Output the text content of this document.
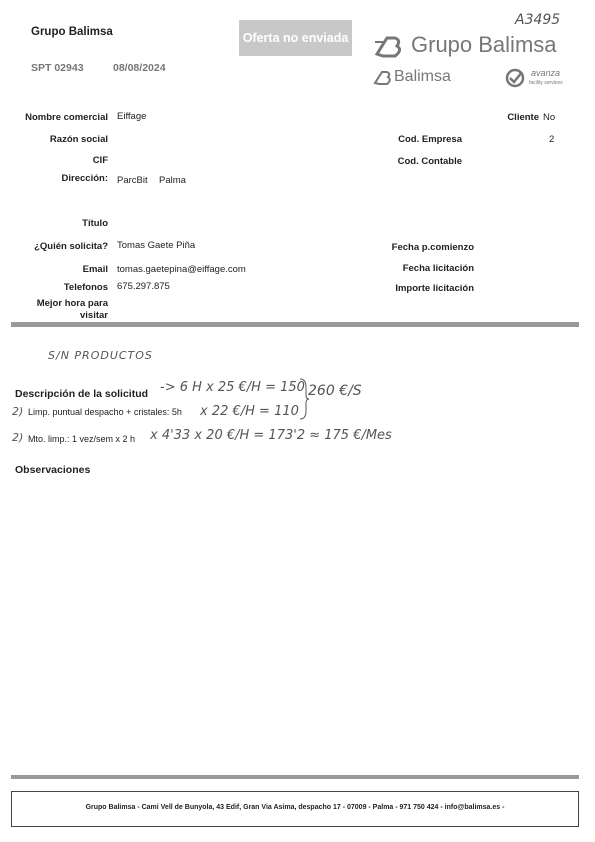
Grupo Balimsa
SPT 02943	08/08/2024
Oferta no enviada
A3495
Grupo Balimsa
Balimsa	avanza
facility services
Nombre comercial Eiffage
Razón social
CIF
Dirección: ParcBit Palma
Título
¿Quién solicita? Tomas Gaete Piña
Email tomas.gaetepina@eiffage.com
Telefonos 675.297.875
Mejor hora para
visitar
Cliente No
Cod. Empresa	2
Cod. Contable
Fecha p.comienzo
Fecha licitación
Importe licitación
S/N PRODUCTOS
Descripción de la solicitud -> 6 H x 25 €/H = 150 260 €/S
2) Limp. puntual despacho + cristales: 5h x 22 €/H = 110
2) Mto. limp.: 1 vez/sem x 2 h x 4'33 x 20 €/H = 173'2 ≈ 175 €/Mes
Observaciones
Grupo Balimsa - Cami Vell de Bunyola, 43 Edif, Gran Via Asima, despacho 17 - 07009 - Palma - 971 750 424 - info@balimsa.es -
